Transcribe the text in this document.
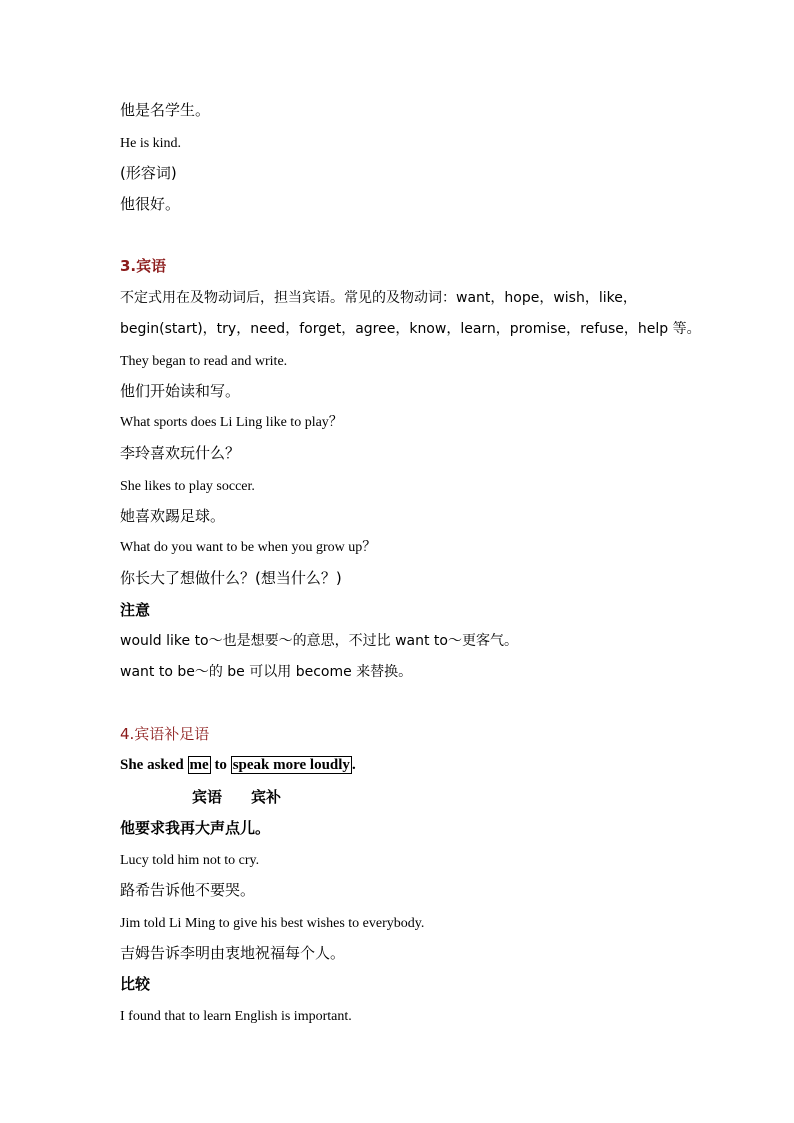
他是名学生。
He is kind.
(形容词)
他很好。
3.宾语
不定式用在及物动词后，担当宾语。常见的及物动词：want，hope，wish，like，
begin(start)，try，need，forget，agree，know，learn，promise，refuse，help 等。
They began to read and write.
他们开始读和写。
What sports does Li Ling like to play？
李玲喜欢玩什么？
She likes to play soccer.
她喜欢踢足球。
What do you want to be when you grow up？
你长大了想做什么？(想当什么？)
注意
would like to～也是想要～的意思，不过比 want to～更客气。
want to be～的 be 可以用 become 来替换。
4.宾语补足语
She asked me to speak more loudly .
宾语 宾补
他要求我再大声点儿。
Lucy told him not to cry.
路希告诉他不要哭。
Jim told Li Ming to give his best wishes to everybody.
吉姆告诉李明由衷地祝福每个人。
比较
I found that to learn English is important.
